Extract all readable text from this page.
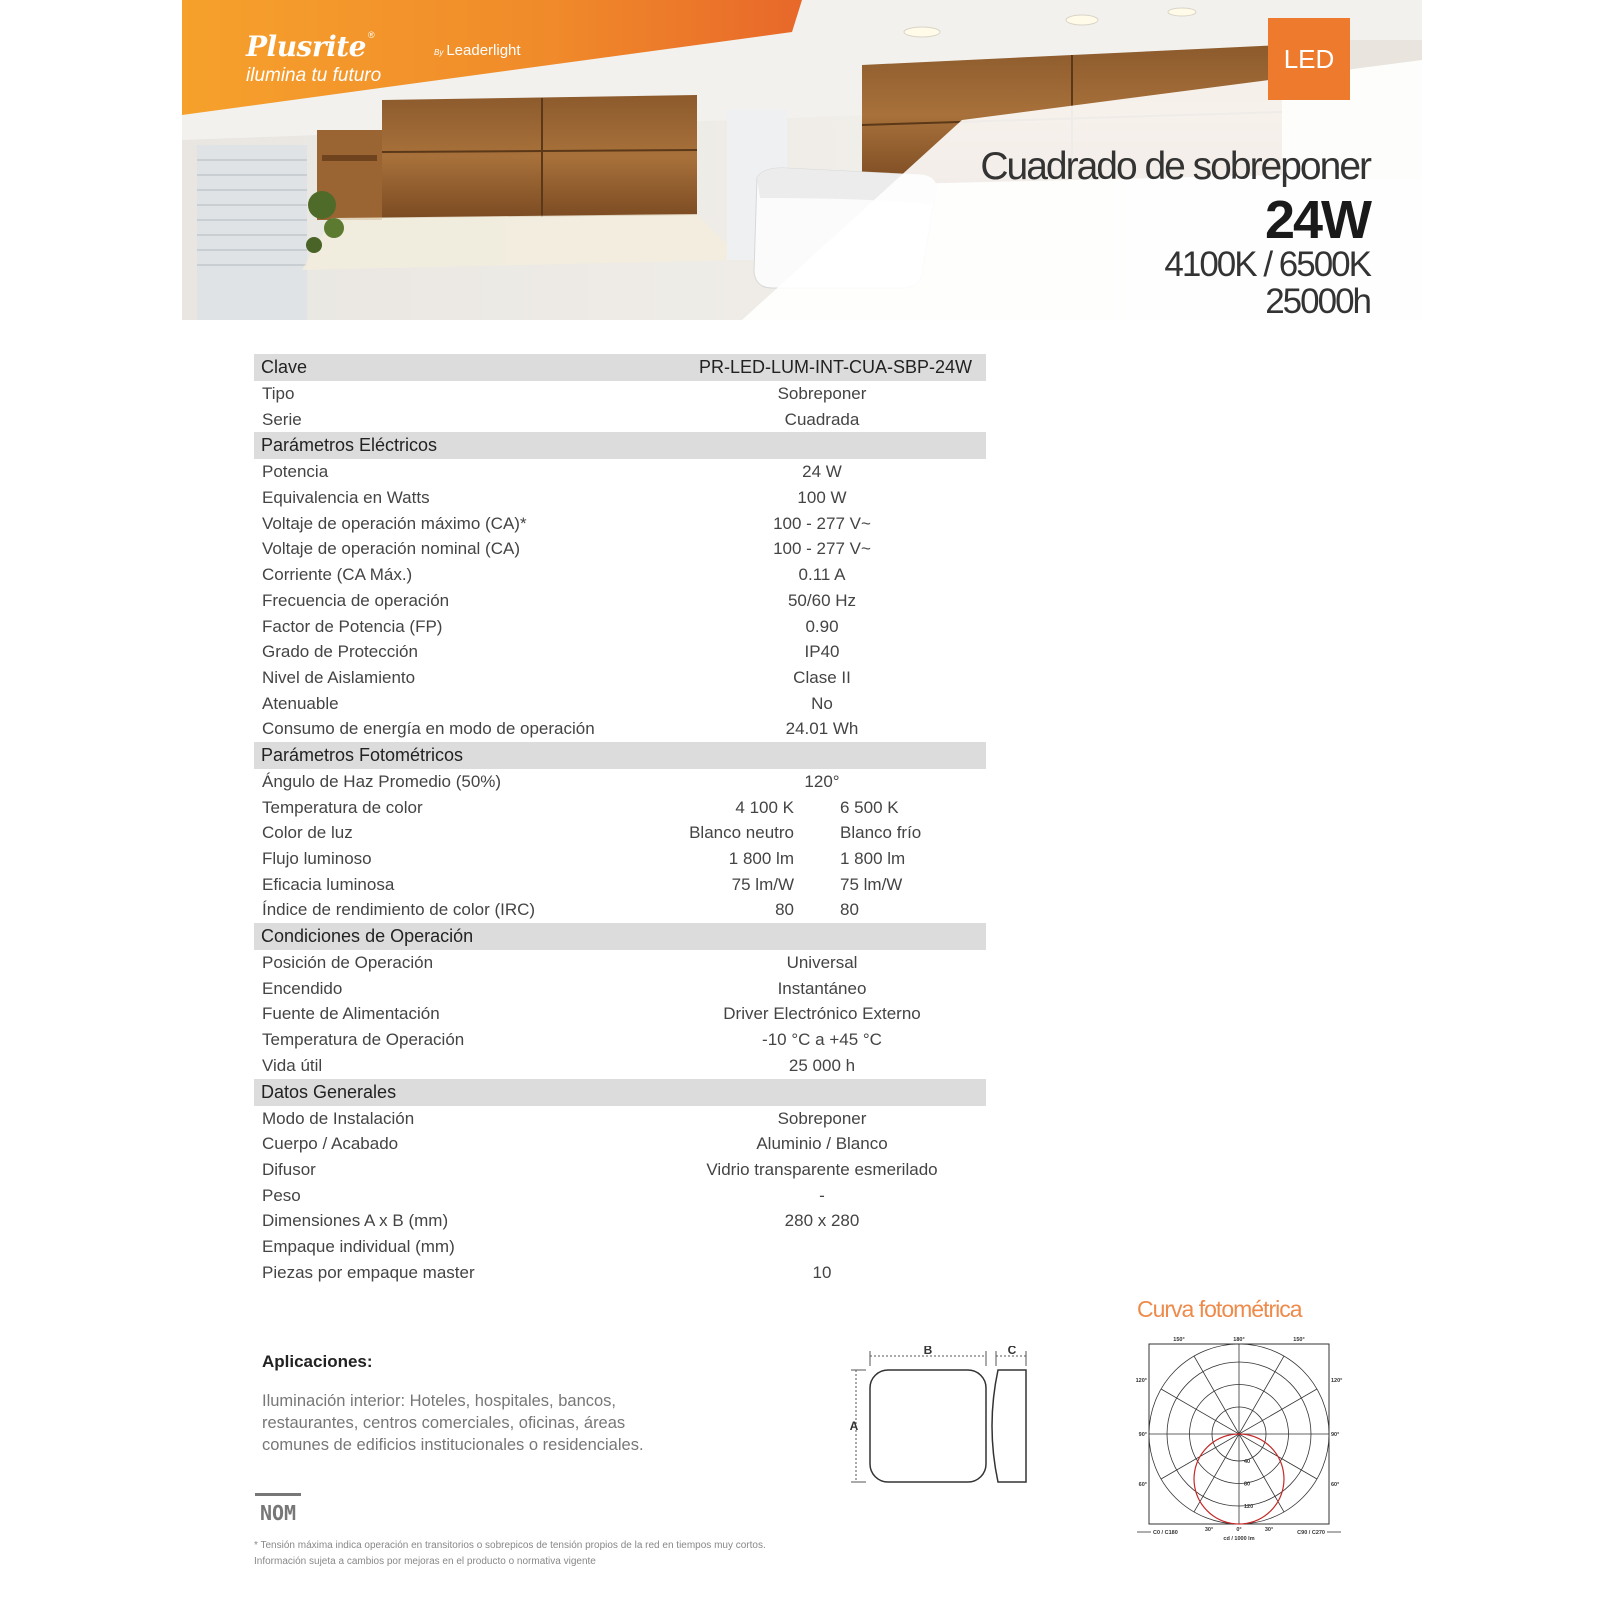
Plusrite ®
By Leaderlight
ilumina tu futuro
LED
Cuadrado de sobreponer
24W
4100K / 6500K
25000h
Clave	PR-LED-LUM-INT-CUA-SBP-24W
Tipo	Sobreponer
Serie	Cuadrada
Parámetros Eléctricos
Potencia	24 W
Equivalencia en Watts	100 W
Voltaje de operación máximo (CA)*	100 - 277 V~
Voltaje de operación nominal (CA)	100 - 277 V~
Corriente (CA Máx.)	0.11 A
Frecuencia de operación	50/60 Hz
Factor de Potencia (FP)	0.90
Grado de Protección	IP40
Nivel de Aislamiento	Clase II
Atenuable	No
Consumo de energía en modo de operación	24.01 Wh
Parámetros Fotométricos
Ángulo de Haz Promedio (50%)	120°
Temperatura de color	4 100 K	6 500 K
Color de luz	Blanco neutro	Blanco frío
Flujo luminoso	1 800 lm	1 800 lm
Eficacia luminosa	75 lm/W	75 lm/W
Índice de rendimiento de color (IRC)	80	80
Condiciones de Operación
Posición de Operación	Universal
Encendido	Instantáneo
Fuente de Alimentación	Driver Electrónico Externo
Temperatura de Operación	-10 °C a +45 °C
Vida útil	25 000 h
Datos Generales
Modo de Instalación	Sobreponer
Cuerpo / Acabado	Aluminio / Blanco
Difusor	Vidrio transparente esmerilado
Peso	-
Dimensiones A x B (mm)	280 x 280
Empaque individual (mm)
Piezas por empaque master	10
Aplicaciones:
Iluminación interior: Hoteles, hospitales, bancos, restaurantes, centros comerciales, oficinas, áreas comunes de edificios institucionales o residenciales.
NOM
* Tensión máxima indica operación en transitorios o sobrepicos de tensión propios de la red en tiempos muy cortos.
Información sujeta a cambios por mejoras en el producto o normativa vigente
B	C
A
Curva fotométrica
150°	180°	150°
120°	120°
90°	90°
60°	60°
30°	0°	30°
40
80
120
C0 / C180	C90 / C270
cd / 1000 lm
